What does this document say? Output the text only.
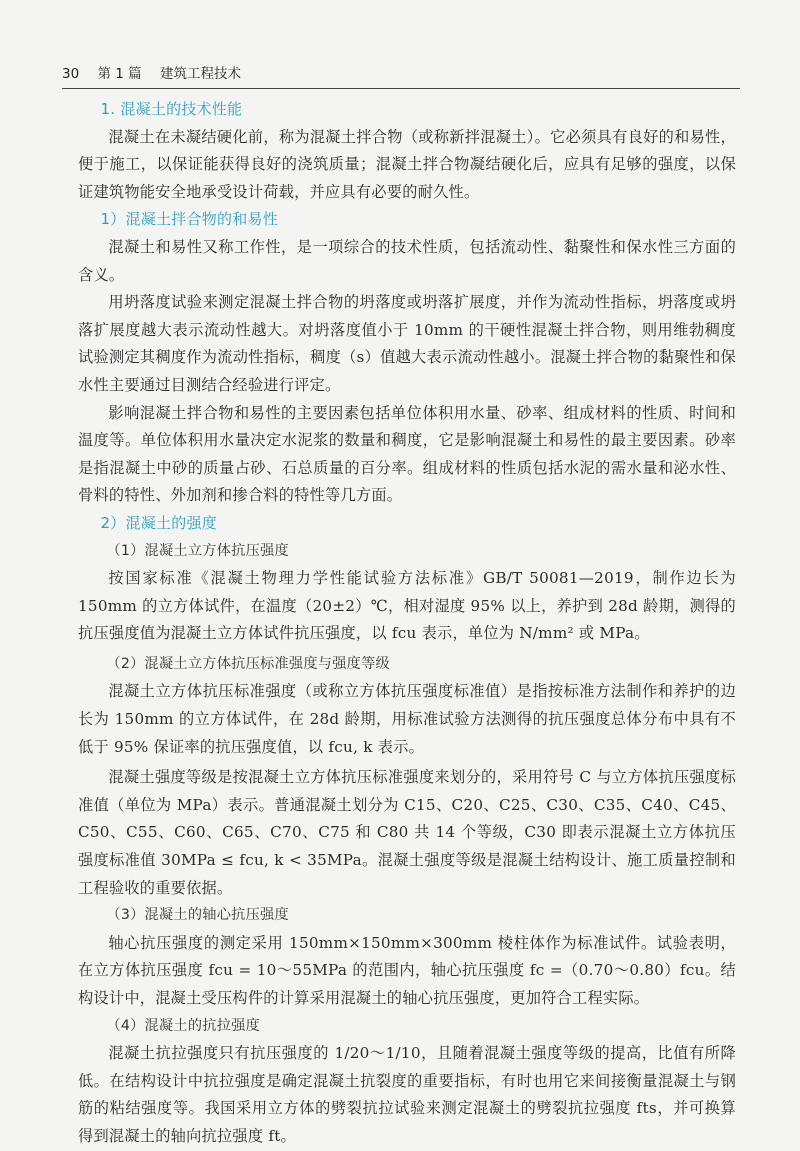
30 第 1 篇 建筑工程技术

1. 混凝土的技术性能

混凝土在未凝结硬化前，称为混凝土拌合物（或称新拌混凝土）。它必须具有良好的和易性，便于施工，以保证能获得良好的浇筑质量；混凝土拌合物凝结硬化后，应具有足够的强度，以保证建筑物能安全地承受设计荷载，并应具有必要的耐久性。

1）混凝土拌合物的和易性

混凝土和易性又称工作性，是一项综合的技术性质，包括流动性、黏聚性和保水性三方面的含义。

用坍落度试验来测定混凝土拌合物的坍落度或坍落扩展度，并作为流动性指标，坍落度或坍落扩展度越大表示流动性越大。对坍落度值小于 10mm 的干硬性混凝土拌合物，则用维勃稠度试验测定其稠度作为流动性指标，稠度（s）值越大表示流动性越小。混凝土拌合物的黏聚性和保水性主要通过目测结合经验进行评定。

影响混凝土拌合物和易性的主要因素包括单位体积用水量、砂率、组成材料的性质、时间和温度等。单位体积用水量决定水泥浆的数量和稠度，它是影响混凝土和易性的最主要因素。砂率是指混凝土中砂的质量占砂、石总质量的百分率。组成材料的性质包括水泥的需水量和泌水性、骨料的特性、外加剂和掺合料的特性等几方面。

2）混凝土的强度

（1）混凝土立方体抗压强度

按国家标准《混凝土物理力学性能试验方法标准》GB/T 50081—2019，制作边长为 150mm 的立方体试件，在温度（20±2）℃，相对湿度 95% 以上，养护到 28d 龄期，测得的抗压强度值为混凝土立方体试件抗压强度，以 fcu 表示，单位为 N/mm² 或 MPa。

（2）混凝土立方体抗压标准强度与强度等级

混凝土立方体抗压标准强度（或称立方体抗压强度标准值）是指按标准方法制作和养护的边长为 150mm 的立方体试件，在 28d 龄期，用标准试验方法测得的抗压强度总体分布中具有不低于 95% 保证率的抗压强度值，以 fcu, k 表示。

混凝土强度等级是按混凝土立方体抗压标准强度来划分的，采用符号 C 与立方体抗压强度标准值（单位为 MPa）表示。普通混凝土划分为 C15、C20、C25、C30、C35、C40、C45、C50、C55、C60、C65、C70、C75 和 C80 共 14 个等级，C30 即表示混凝土立方体抗压强度标准值 30MPa ≤ fcu, k < 35MPa。混凝土强度等级是混凝土结构设计、施工质量控制和工程验收的重要依据。

（3）混凝土的轴心抗压强度

轴心抗压强度的测定采用 150mm×150mm×300mm 棱柱体作为标准试件。试验表明，在立方体抗压强度 fcu = 10～55MPa 的范围内，轴心抗压强度 fc =（0.70～0.80）fcu。结构设计中，混凝土受压构件的计算采用混凝土的轴心抗压强度，更加符合工程实际。

（4）混凝土的抗拉强度

混凝土抗拉强度只有抗压强度的 1/20～1/10，且随着混凝土强度等级的提高，比值有所降低。在结构设计中抗拉强度是确定混凝土抗裂度的重要指标，有时也用它来间接衡量混凝土与钢筋的粘结强度等。我国采用立方体的劈裂抗拉试验来测定混凝土的劈裂抗拉强度 fts，并可换算得到混凝土的轴向抗拉强度 ft。
